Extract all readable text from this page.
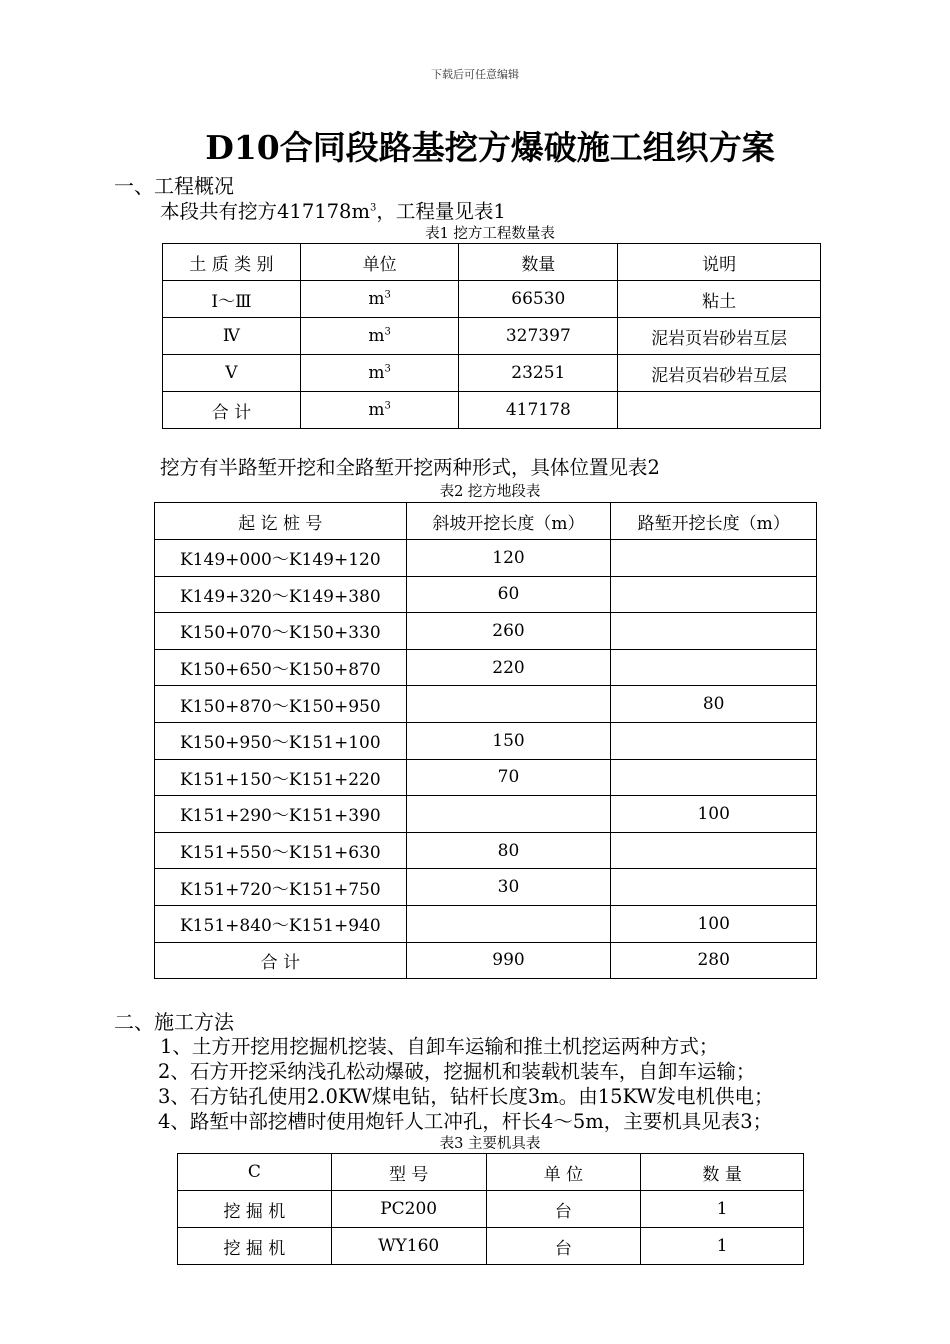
下载后可任意编辑
D10合同段路基挖方爆破施工组织方案
一、工程概况
本段共有挖方$417178m^3$，工程量见表1
表1 挖方工程数量表
土 质 类 别	单位	数量	说明
Ⅰ～Ⅲ	$m^3$	66530	粘土
Ⅳ	$m^3$	327397	泥岩页岩砂岩互层
Ⅴ	$m^3$	23251	泥岩页岩砂岩互层
合 计	$m^3$	417178	
挖方有半路堑开挖和全路堑开挖两种形式，具体位置见表2
表2 挖方地段表
起 讫 桩 号	斜坡开挖长度（m）	路堑开挖长度（m）
K149+000～K149+120	120	
K149+320～K149+380	60	
K150+070～K150+330	260	
K150+650～K150+870	220	
K150+870～K150+950		80
K150+950～K151+100	150	
K151+150～K151+220	70	
K151+290～K151+390		100
K151+550～K151+630	80	
K151+720～K151+750	30	
K151+840～K151+940		100
合 计	990	280
二、施工方法
1、土方开挖用挖掘机挖装、自卸车运输和推土机挖运两种方式；
2、石方开挖采纳浅孔松动爆破，挖掘机和装载机装车，自卸车运输；
3、石方钻孔使用2.0KW煤电钻，钻杆长度3m。由15KW发电机供电；
4、路堑中部挖槽时使用炮钎人工冲孔，杆长4～5m，主要机具见表3；
表3 主要机具表
C	型 号	单 位	数 量
挖 掘 机	PC200	台	1
挖 掘 机	WY160	台	1
